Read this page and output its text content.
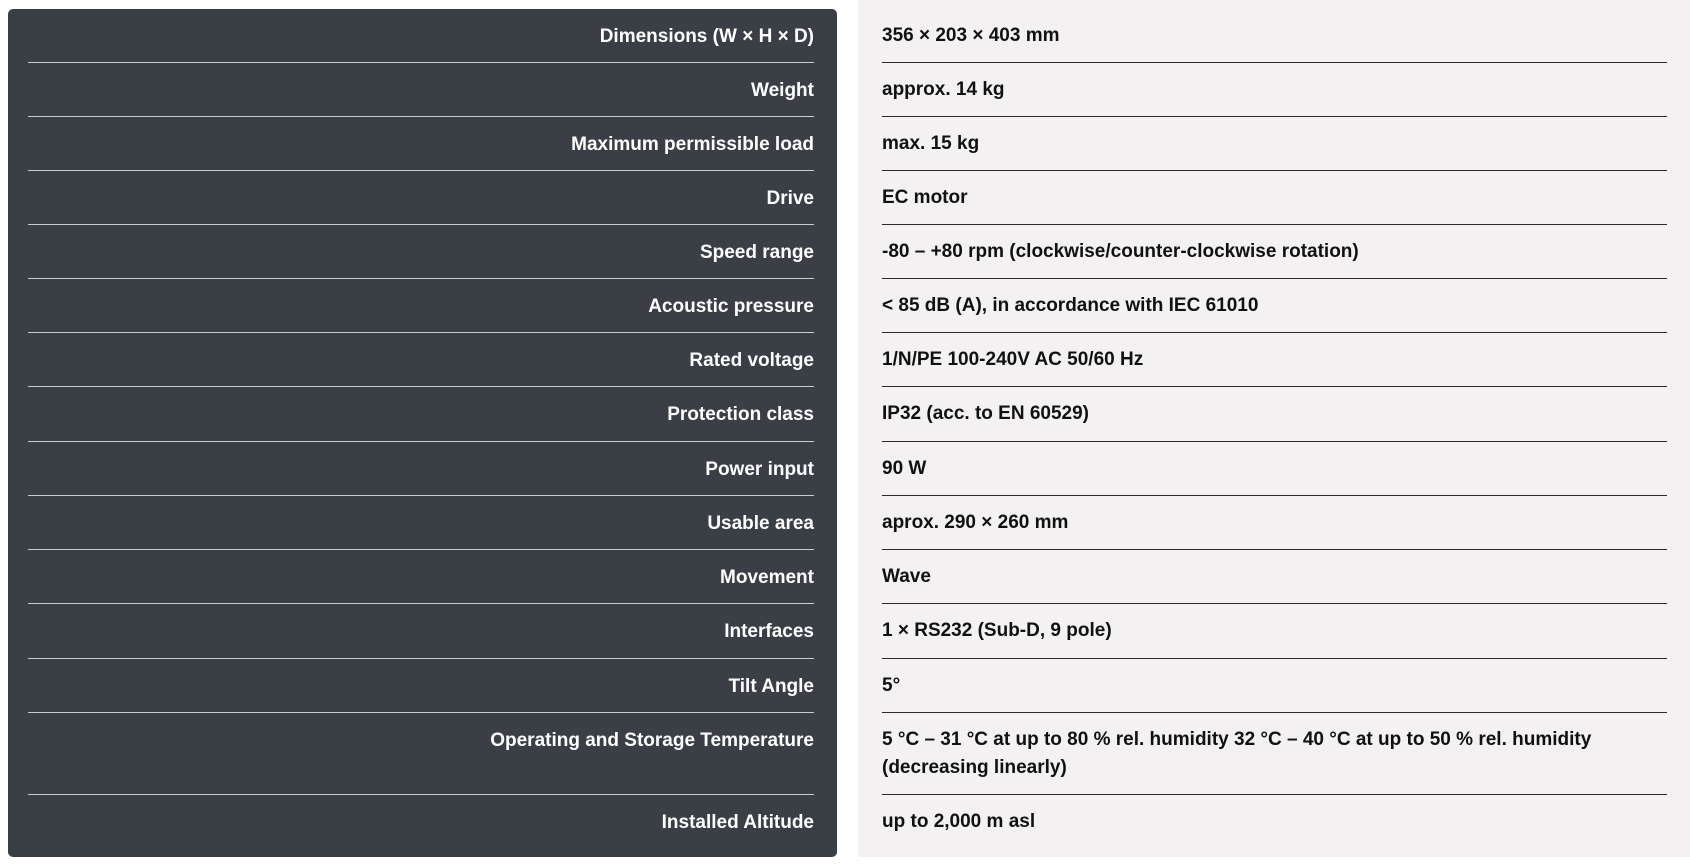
Dimensions (W × H × D)	356 × 203 × 403 mm
Weight	approx. 14 kg
Maximum permissible load	max. 15 kg
Drive	EC motor
Speed range	-80 – +80 rpm (clockwise/counter-clockwise rotation)
Acoustic pressure	< 85 dB (A), in accordance with IEC 61010
Rated voltage	1/N/PE 100-240V AC 50/60 Hz
Protection class	IP32 (acc. to EN 60529)
Power input	90 W
Usable area	aprox. 290 × 260 mm
Movement	Wave
Interfaces	1 × RS232 (Sub-D, 9 pole)
Tilt Angle	5°
Operating and Storage Temperature	5 °C – 31 °C at up to 80 % rel. humidity 32 °C – 40 °C at up to 50 % rel. humidity (decreasing linearly)
Installed Altitude	up to 2,000 m asl
